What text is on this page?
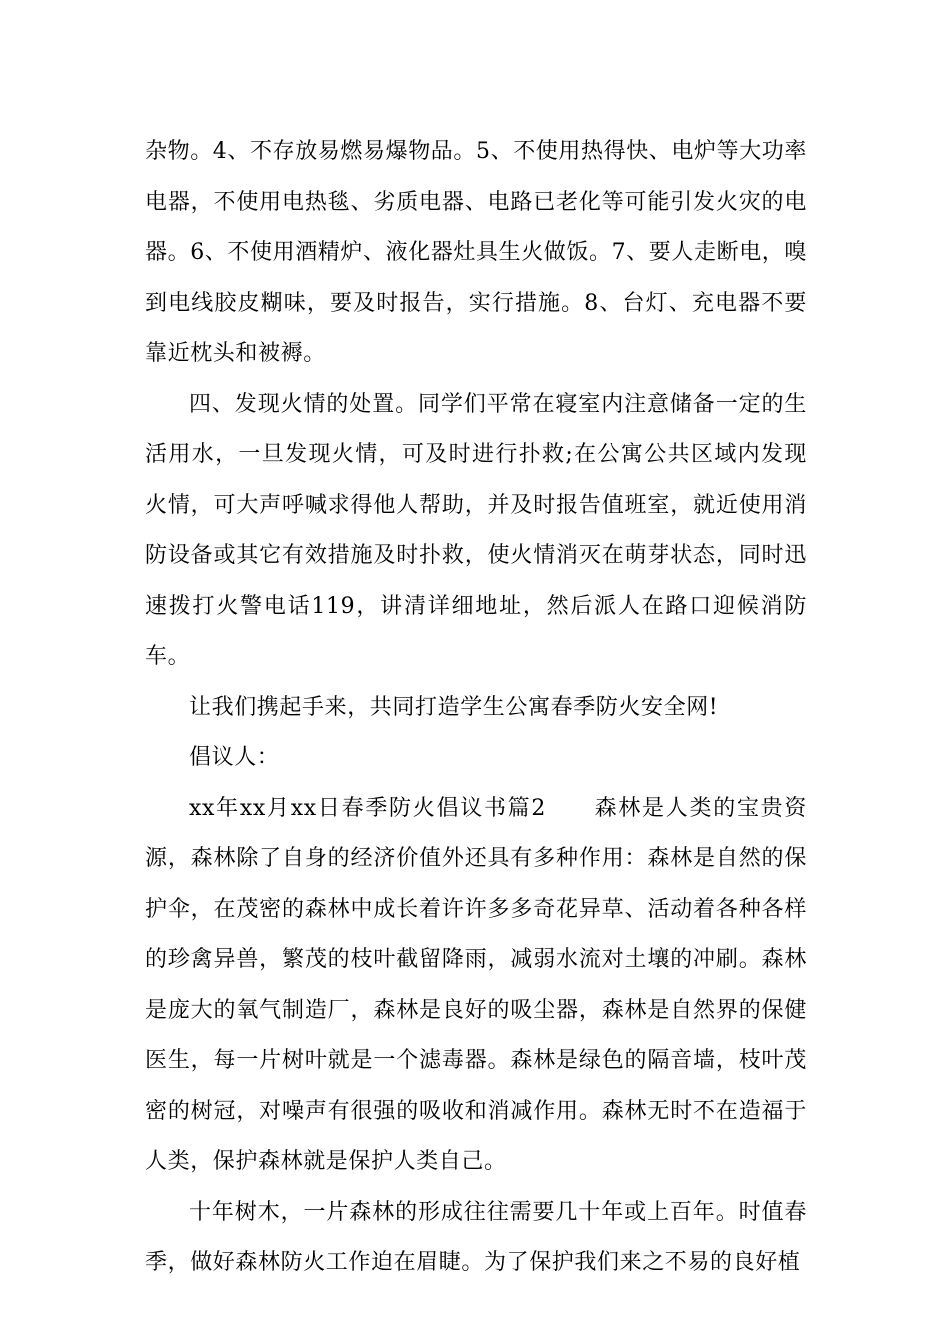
杂物。4、不存放易燃易爆物品。5、不使用热得快、电炉等大功率电器，不使用电热毯、劣质电器、电路已老化等可能引发火灾的电器。6、不使用酒精炉、液化器灶具生火做饭。7、要人走断电，嗅到电线胶皮糊味，要及时报告，实行措施。8、台灯、充电器不要靠近枕头和被褥。

四、发现火情的处置。同学们平常在寝室内注意储备一定的生活用水，一旦发现火情，可及时进行扑救;在公寓公共区域内发现火情，可大声呼喊求得他人帮助，并及时报告值班室，就近使用消防设备或其它有效措施及时扑救，使火情消灭在萌芽状态，同时迅速拨打火警电话119，讲清详细地址，然后派人在路口迎候消防车。

让我们携起手来，共同打造学生公寓春季防火安全网!

倡议人：

xx年xx月xx日春季防火倡议书篇2　　森林是人类的宝贵资源，森林除了自身的经济价值外还具有多种作用：森林是自然的保护伞，在茂密的森林中成长着许许多多奇花异草、活动着各种各样的珍禽异兽，繁茂的枝叶截留降雨，减弱水流对土壤的冲刷。森林是庞大的氧气制造厂，森林是良好的吸尘器，森林是自然界的保健医生，每一片树叶就是一个滤毒器。森林是绿色的隔音墙，枝叶茂密的树冠，对噪声有很强的吸收和消减作用。森林无时不在造福于人类，保护森林就是保护人类自己。

十年树木，一片森林的形成往往需要几十年或上百年。时值春季，做好森林防火工作迫在眉睫。为了保护我们来之不易的良好植
